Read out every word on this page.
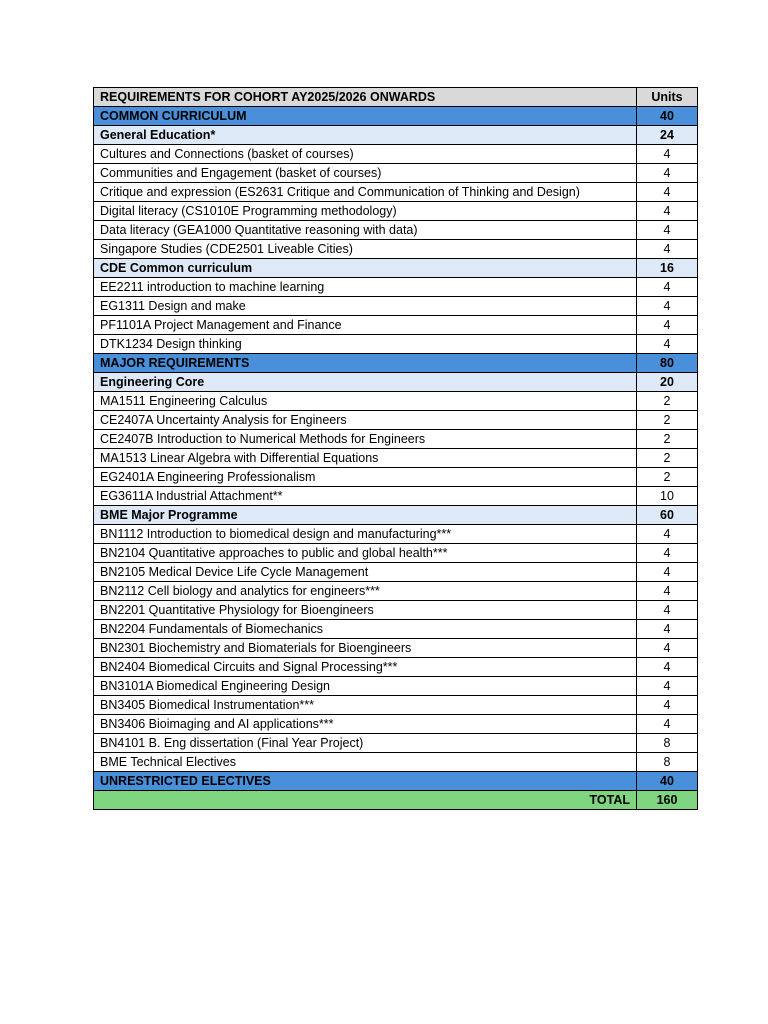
REQUIREMENTS FOR COHORT AY2025/2026 ONWARDS	Units
COMMON CURRICULUM	40
General Education*	24
Cultures and Connections (basket of courses)	4
Communities and Engagement (basket of courses)	4
Critique and expression (ES2631 Critique and Communication of Thinking and Design)	4
Digital literacy (CS1010E Programming methodology)	4
Data literacy (GEA1000 Quantitative reasoning with data)	4
Singapore Studies (CDE2501 Liveable Cities)	4
CDE Common curriculum	16
EE2211 introduction to machine learning	4
EG1311 Design and make	4
PF1101A Project Management and Finance	4
DTK1234 Design thinking	4
MAJOR REQUIREMENTS	80
Engineering Core	20
MA1511 Engineering Calculus	2
CE2407A Uncertainty Analysis for Engineers	2
CE2407B Introduction to Numerical Methods for Engineers	2
MA1513 Linear Algebra with Differential Equations	2
EG2401A Engineering Professionalism	2
EG3611A Industrial Attachment**	10
BME Major Programme	60
BN1112 Introduction to biomedical design and manufacturing***	4
BN2104 Quantitative approaches to public and global health***	4
BN2105 Medical Device Life Cycle Management	4
BN2112 Cell biology and analytics for engineers***	4
BN2201 Quantitative Physiology for Bioengineers	4
BN2204 Fundamentals of Biomechanics	4
BN2301 Biochemistry and Biomaterials for Bioengineers	4
BN2404 Biomedical Circuits and Signal Processing***	4
BN3101A Biomedical Engineering Design	4
BN3405 Biomedical Instrumentation***	4
BN3406 Bioimaging and AI applications***	4
BN4101 B. Eng dissertation (Final Year Project)	8
BME Technical Electives	8
UNRESTRICTED ELECTIVES	40
TOTAL	160
